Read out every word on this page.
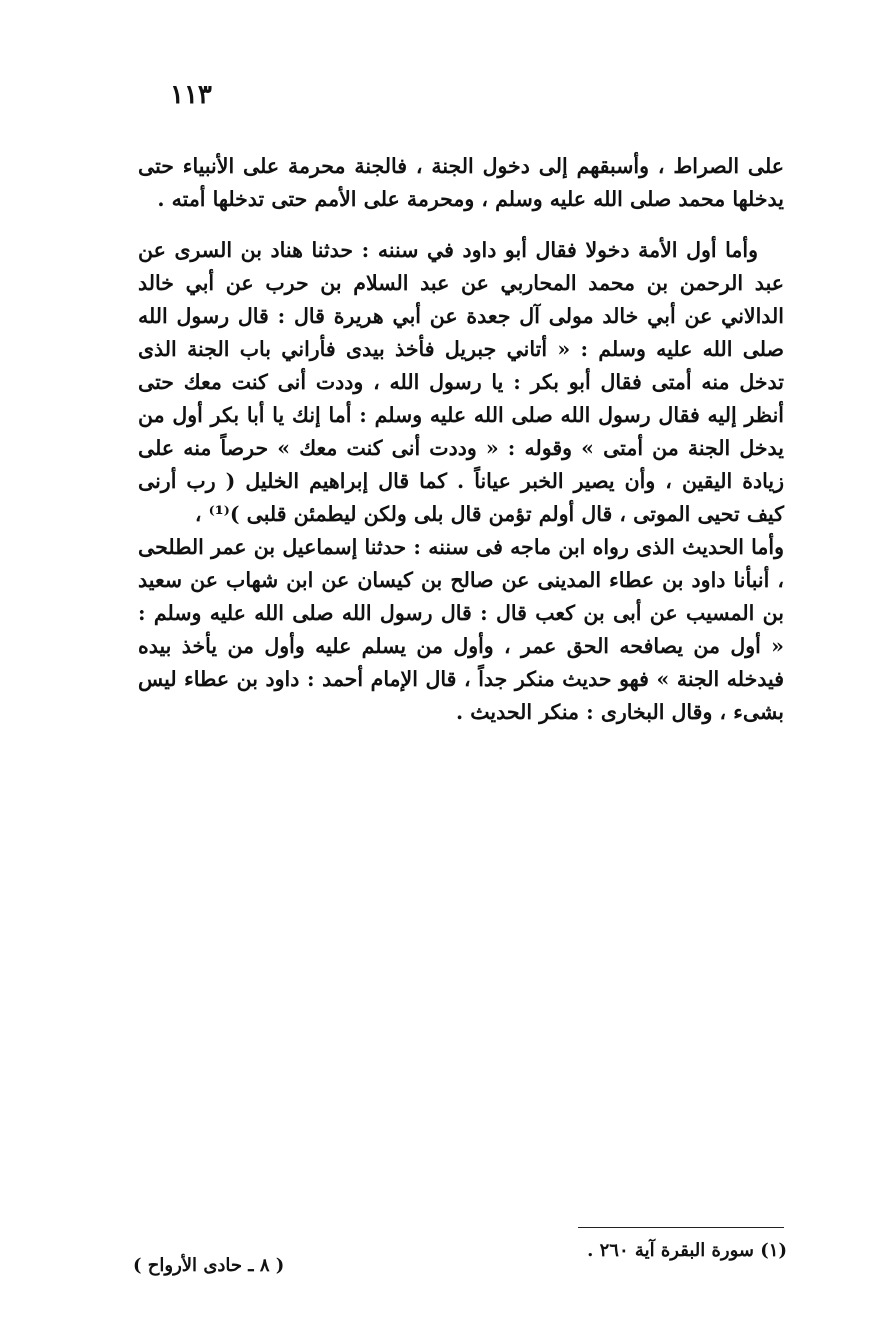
١١٣

على الصراط ، وأسبقهم إلى دخول الجنة ، فالجنة محرمة على الأنبياء حتى يدخلها محمد صلى الله عليه وسلم ، ومحرمة على الأمم حتى تدخلها أمته .

وأما أول الأمة دخولا فقال أبو داود في سننه : حدثنا هناد بن السرى عن عبد الرحمن بن محمد المحاربي عن عبد السلام بن حرب عن أبي خالد الدالاني عن أبي خالد مولى آل جعدة عن أبي هريرة قال : قال رسول الله صلى الله عليه وسلم : « أتاني جبريل فأخذ بيدى فأراني باب الجنة الذى تدخل منه أمتى فقال أبو بكر : يا رسول الله ، وددت أنى كنت معك حتى أنظر إليه فقال رسول الله صلى الله عليه وسلم : أما إنك يا أبا بكر أول من يدخل الجنة من أمتى » وقوله : « وددت أنى كنت معك » حرصاً منه على زيادة اليقين ، وأن يصير الخبر عياناً . كما قال إبراهيم الخليل ( رب أرنى كيف تحيى الموتى ، قال أولم تؤمن قال بلى ولكن ليطمئن قلبى )⁽¹⁾ ،

وأما الحديث الذى رواه ابن ماجه فى سننه : حدثنا إسماعيل بن عمر الطلحى ، أنبأنا داود بن عطاء المدينى عن صالح بن كيسان عن ابن شهاب عن سعيد بن المسيب عن أبى بن كعب قال : قال رسول الله صلى الله عليه وسلم : « أول من يصافحه الحق عمر ، وأول من يسلم عليه وأول من يأخذ بيده فيدخله الجنة » فهو حديث منكر جداً ، قال الإمام أحمد : داود بن عطاء ليس بشىء ، وقال البخارى : منكر الحديث .

(١) سورة البقرة آية ٢٦٠ .
( ٨ ـ حادى الأرواح )
